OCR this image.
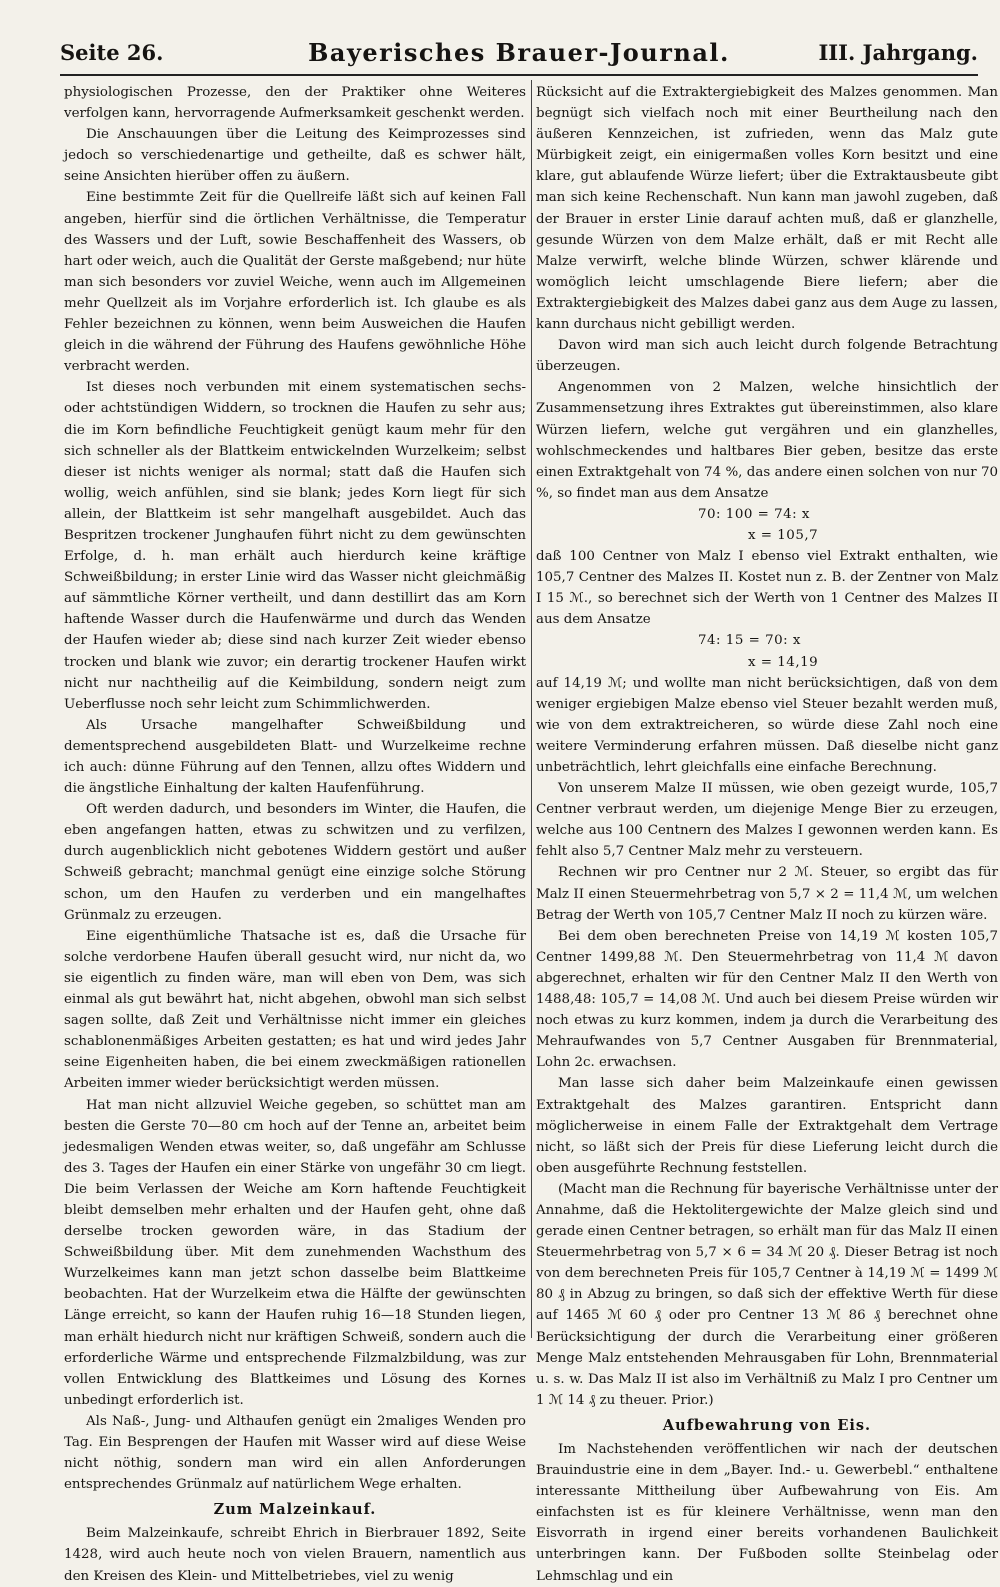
Seite 26.	Bayerisches Brauer-Journal.	III. Jahrgang.

physiologischen Prozesse, den der Praktiker ohne Weiteres verfolgen kann, hervorragende Aufmerksamkeit geschenkt werden.

Die Anschauungen über die Leitung des Keimprozesses sind jedoch so verschiedenartige und getheilte, daß es schwer hält, seine Ansichten hierüber offen zu äußern.

Eine bestimmte Zeit für die Quellreife läßt sich auf keinen Fall angeben, hierfür sind die örtlichen Verhältnisse, die Temperatur des Wassers und der Luft, sowie Beschaffenheit des Wassers, ob hart oder weich, auch die Qualität der Gerste maßgebend; nur hüte man sich besonders vor zuviel Weiche, wenn auch im Allgemeinen mehr Quellzeit als im Vorjahre erforderlich ist. Ich glaube es als Fehler bezeichnen zu können, wenn beim Ausweichen die Haufen gleich in die während der Führung des Haufens gewöhnliche Höhe verbracht werden.

Ist dieses noch verbunden mit einem systematischen sechs- oder achtstündigen Widdern, so trocknen die Haufen zu sehr aus; die im Korn befindliche Feuchtigkeit genügt kaum mehr für den sich schneller als der Blattkeim entwickelnden Wurzelkeim; selbst dieser ist nichts weniger als normal; statt daß die Haufen sich wollig, weich anfühlen, sind sie blank; jedes Korn liegt für sich allein, der Blattkeim ist sehr mangelhaft ausgebildet. Auch das Bespritzen trockener Junghaufen führt nicht zu dem gewünschten Erfolge, d. h. man erhält auch hierdurch keine kräftige Schweißbildung; in erster Linie wird das Wasser nicht gleichmäßig auf sämmtliche Körner vertheilt, und dann destillirt das am Korn haftende Wasser durch die Haufenwärme und durch das Wenden der Haufen wieder ab; diese sind nach kurzer Zeit wieder ebenso trocken und blank wie zuvor; ein derartig trockener Haufen wirkt nicht nur nachtheilig auf die Keimbildung, sondern neigt zum Ueberflusse noch sehr leicht zum Schimmlichwerden.

Als Ursache mangelhafter Schweißbildung und dementsprechend ausgebildeten Blatt- und Wurzelkeime rechne ich auch: dünne Führung auf den Tennen, allzu oftes Widdern und die ängstliche Einhaltung der kalten Haufenführung.

Oft werden dadurch, und besonders im Winter, die Haufen, die eben angefangen hatten, etwas zu schwitzen und zu verfilzen, durch augenblicklich nicht gebotenes Widdern gestört und außer Schweiß gebracht; manchmal genügt eine einzige solche Störung schon, um den Haufen zu verderben und ein mangelhaftes Grünmalz zu erzeugen.

Eine eigenthümliche Thatsache ist es, daß die Ursache für solche verdorbene Haufen überall gesucht wird, nur nicht da, wo sie eigentlich zu finden wäre, man will eben von Dem, was sich einmal als gut bewährt hat, nicht abgehen, obwohl man sich selbst sagen sollte, daß Zeit und Verhältnisse nicht immer ein gleiches schablonenmäßiges Arbeiten gestatten; es hat und wird jedes Jahr seine Eigenheiten haben, die bei einem zweckmäßigen rationellen Arbeiten immer wieder berücksichtigt werden müssen.

Hat man nicht allzuviel Weiche gegeben, so schüttet man am besten die Gerste 70—80 cm hoch auf der Tenne an, arbeitet beim jedesmaligen Wenden etwas weiter, so, daß ungefähr am Schlusse des 3. Tages der Haufen ein einer Stärke von ungefähr 30 cm liegt. Die beim Verlassen der Weiche am Korn haftende Feuchtigkeit bleibt demselben mehr erhalten und der Haufen geht, ohne daß derselbe trocken geworden wäre, in das Stadium der Schweißbildung über. Mit dem zunehmenden Wachsthum des Wurzelkeimes kann man jetzt schon dasselbe beim Blattkeime beobachten. Hat der Wurzelkeim etwa die Hälfte der gewünschten Länge erreicht, so kann der Haufen ruhig 16—18 Stunden liegen, man erhält hiedurch nicht nur kräftigen Schweiß, sondern auch die erforderliche Wärme und entsprechende Filzmalzbildung, was zur vollen Entwicklung des Blattkeimes und Lösung des Kornes unbedingt erforderlich ist.

Als Naß-, Jung- und Althaufen genügt ein 2maliges Wenden pro Tag. Ein Besprengen der Haufen mit Wasser wird auf diese Weise nicht nöthig, sondern man wird ein allen Anforderungen entsprechendes Grünmalz auf natürlichem Wege erhalten.

Zum Malzeinkauf.

Beim Malzeinkaufe, schreibt Ehrich in Bierbrauer 1892, Seite 1428, wird auch heute noch von vielen Brauern, namentlich aus den Kreisen des Klein- und Mittelbetriebes, viel zu wenig

Rücksicht auf die Extraktergiebigkeit des Malzes genommen. Man begnügt sich vielfach noch mit einer Beurtheilung nach den äußeren Kennzeichen, ist zufrieden, wenn das Malz gute Mürbigkeit zeigt, ein einigermaßen volles Korn besitzt und eine klare, gut ablaufende Würze liefert; über die Extraktausbeute gibt man sich keine Rechenschaft. Nun kann man jawohl zugeben, daß der Brauer in erster Linie darauf achten muß, daß er glanzhelle, gesunde Würzen von dem Malze erhält, daß er mit Recht alle Malze verwirft, welche blinde Würzen, schwer klärende und womöglich leicht umschlagende Biere liefern; aber die Extraktergiebigkeit des Malzes dabei ganz aus dem Auge zu lassen, kann durchaus nicht gebilligt werden.

Davon wird man sich auch leicht durch folgende Betrachtung überzeugen.

Angenommen von 2 Malzen, welche hinsichtlich der Zusammensetzung ihres Extraktes gut übereinstimmen, also klare Würzen liefern, welche gut vergähren und ein glanzhelles, wohlschmeckendes und haltbares Bier geben, besitze das erste einen Extraktgehalt von 74 %, das andere einen solchen von nur 70 %, so findet man aus dem Ansatze

70: 100 = 74: x

x = 105,7

daß 100 Centner von Malz I ebenso viel Extrakt enthalten, wie 105,7 Centner des Malzes II. Kostet nun z. B. der Zentner von Malz I 15 ℳ., so berechnet sich der Werth von 1 Centner des Malzes II aus dem Ansatze

74: 15 = 70: x

x = 14,19

auf 14,19 ℳ; und wollte man nicht berücksichtigen, daß von dem weniger ergiebigen Malze ebenso viel Steuer bezahlt werden muß, wie von dem extraktreicheren, so würde diese Zahl noch eine weitere Verminderung erfahren müssen. Daß dieselbe nicht ganz unbeträchtlich, lehrt gleichfalls eine einfache Berechnung.

Von unserem Malze II müssen, wie oben gezeigt wurde, 105,7 Centner verbraut werden, um diejenige Menge Bier zu erzeugen, welche aus 100 Centnern des Malzes I gewonnen werden kann. Es fehlt also 5,7 Centner Malz mehr zu versteuern.

Rechnen wir pro Centner nur 2 ℳ. Steuer, so ergibt das für Malz II einen Steuermehrbetrag von 5,7 × 2 = 11,4 ℳ, um welchen Betrag der Werth von 105,7 Centner Malz II noch zu kürzen wäre.

Bei dem oben berechneten Preise von 14,19 ℳ kosten 105,7 Centner 1499,88 ℳ. Den Steuermehrbetrag von 11,4 ℳ davon abgerechnet, erhalten wir für den Centner Malz II den Werth von 1488,48: 105,7 = 14,08 ℳ. Und auch bei diesem Preise würden wir noch etwas zu kurz kommen, indem ja durch die Verarbeitung des Mehraufwandes von 5,7 Centner Ausgaben für Brennmaterial, Lohn 2c. erwachsen.

Man lasse sich daher beim Malzeinkaufe einen gewissen Extraktgehalt des Malzes garantiren. Entspricht dann möglicherweise in einem Falle der Extraktgehalt dem Vertrage nicht, so läßt sich der Preis für diese Lieferung leicht durch die oben ausgeführte Rechnung feststellen.

(Macht man die Rechnung für bayerische Verhältnisse unter der Annahme, daß die Hektolitergewichte der Malze gleich sind und gerade einen Centner betragen, so erhält man für das Malz II einen Steuermehrbetrag von 5,7 × 6 = 34 ℳ 20 ₰. Dieser Betrag ist noch von dem berechneten Preis für 105,7 Centner à 14,19 ℳ = 1499 ℳ 80 ₰ in Abzug zu bringen, so daß sich der effektive Werth für diese auf 1465 ℳ 60 ₰ oder pro Centner 13 ℳ 86 ₰ berechnet ohne Berücksichtigung der durch die Verarbeitung einer größeren Menge Malz entstehenden Mehrausgaben für Lohn, Brennmaterial u. s. w. Das Malz II ist also im Verhältniß zu Malz I pro Centner um 1 ℳ 14 ₰ zu theuer. Prior.)

Aufbewahrung von Eis.

Im Nachstehenden veröffentlichen wir nach der deutschen Brauindustrie eine in dem „Bayer. Ind.- u. Gewerbebl.“ enthaltene interessante Mittheilung über Aufbewahrung von Eis. Am einfachsten ist es für kleinere Verhältnisse, wenn man den Eisvorrath in irgend einer bereits vorhandenen Baulichkeit unterbringen kann. Der Fußboden sollte Steinbelag oder Lehmschlag und ein
